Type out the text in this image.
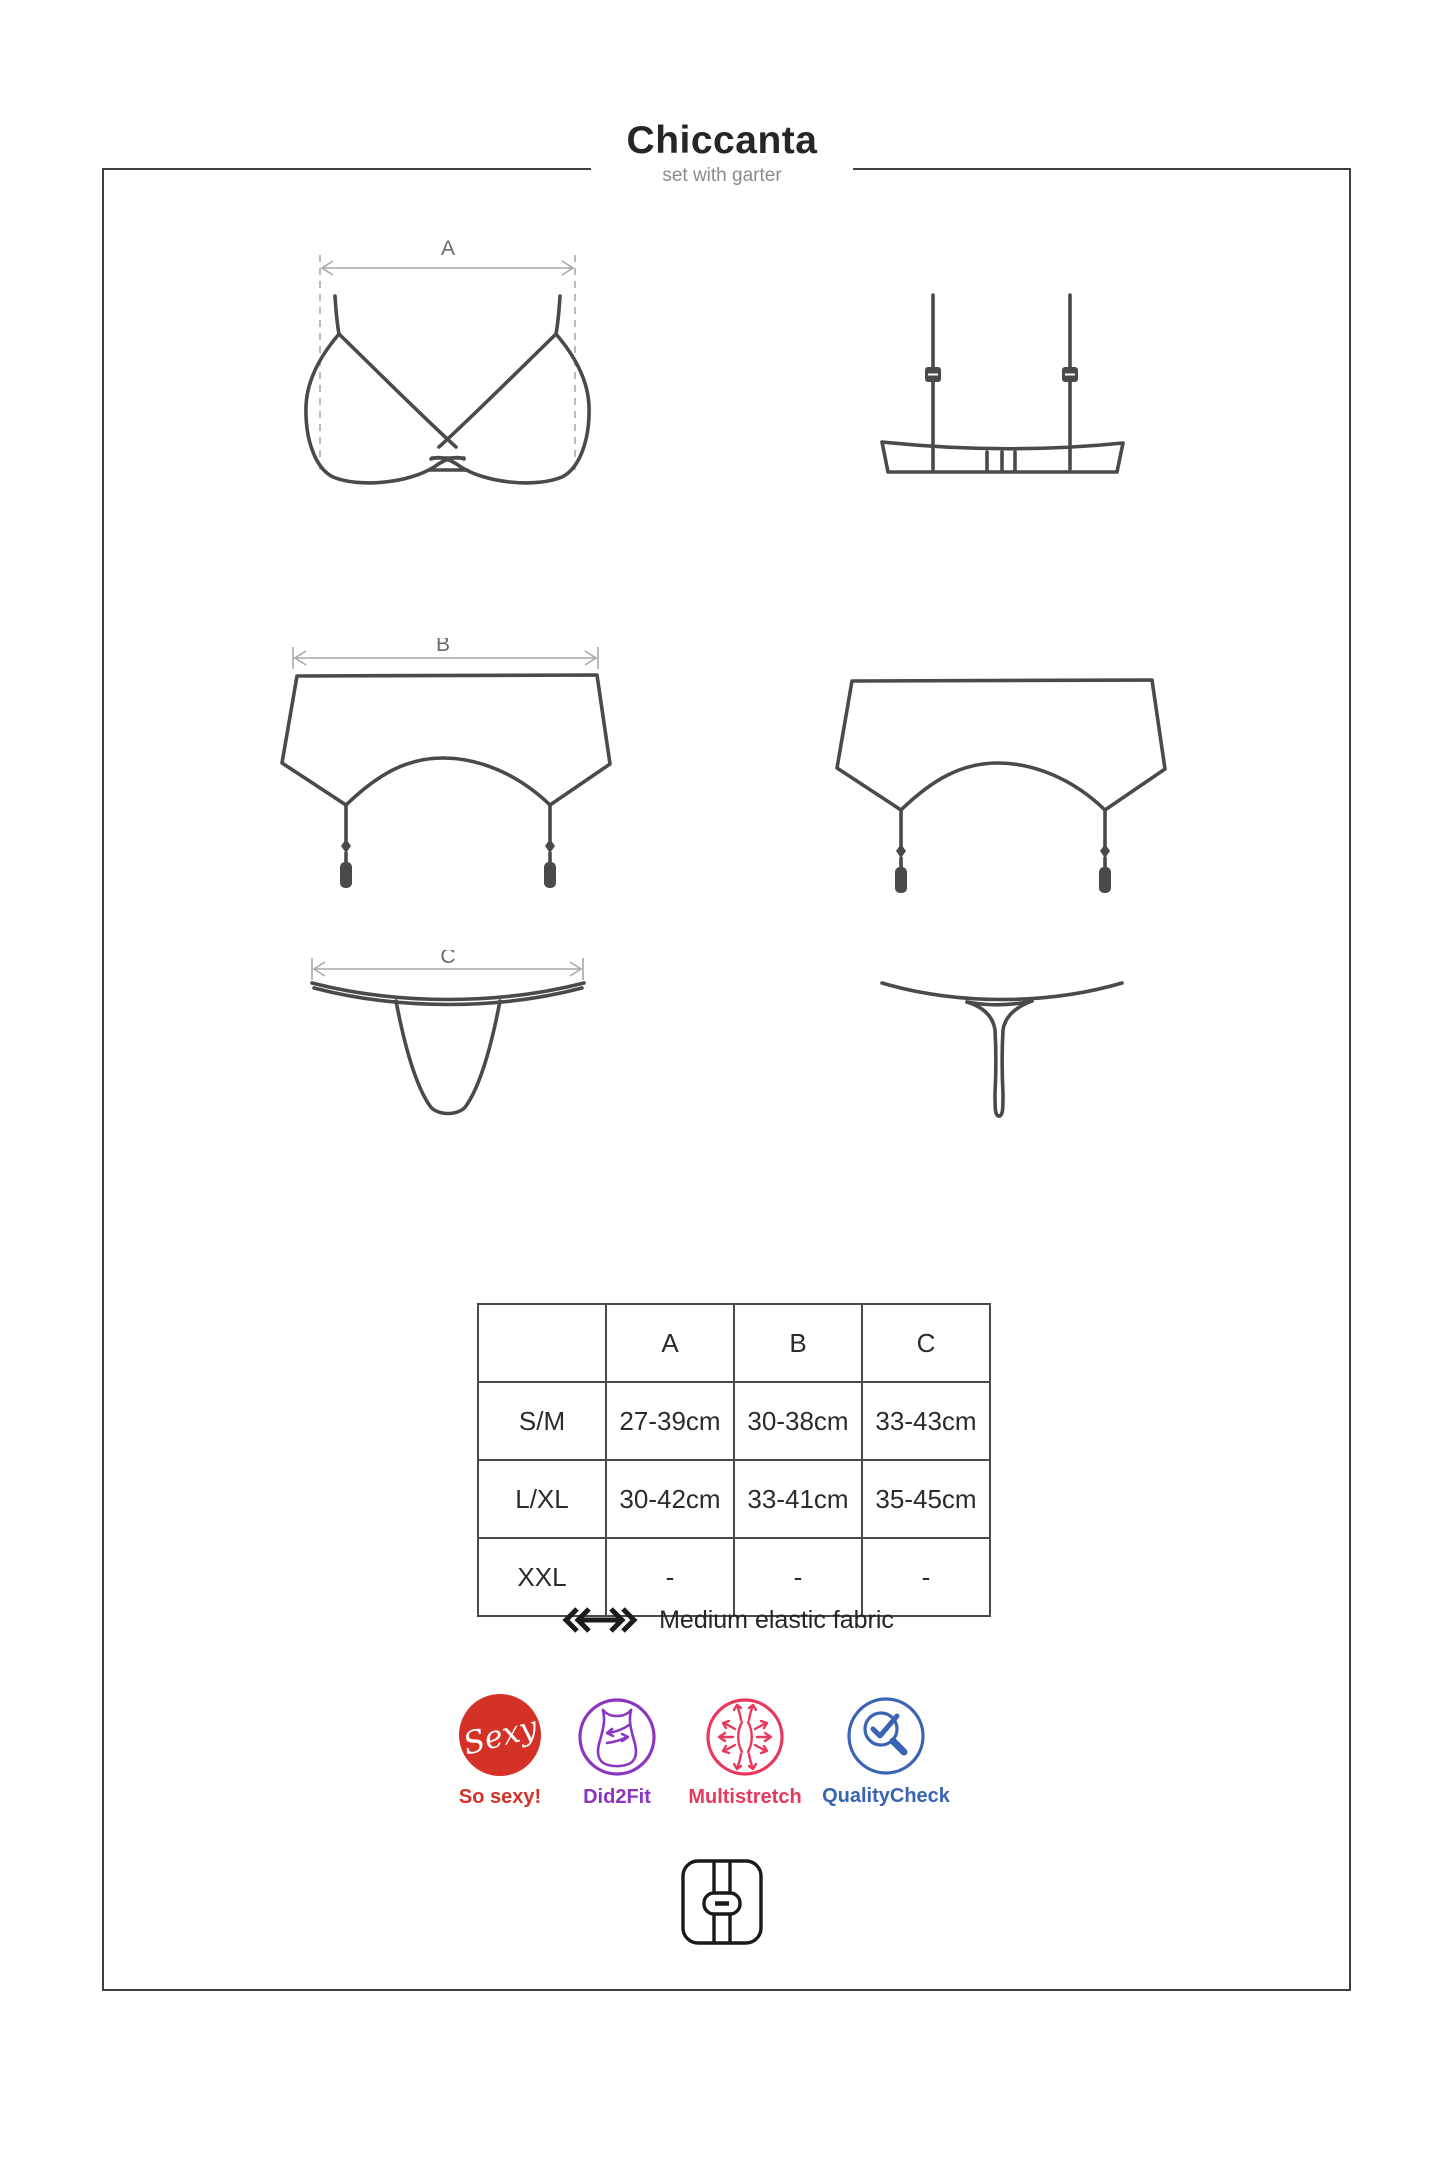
Chiccanta
set with garter
A
B
C
	A	B	C
S/M	27-39cm	30-38cm	33-43cm
L/XL	30-42cm	33-41cm	35-45cm
XXL	-	-	-
Medium elastic fabric
Sexy
So sexy! Did2Fit Multistretch QualityCheck
